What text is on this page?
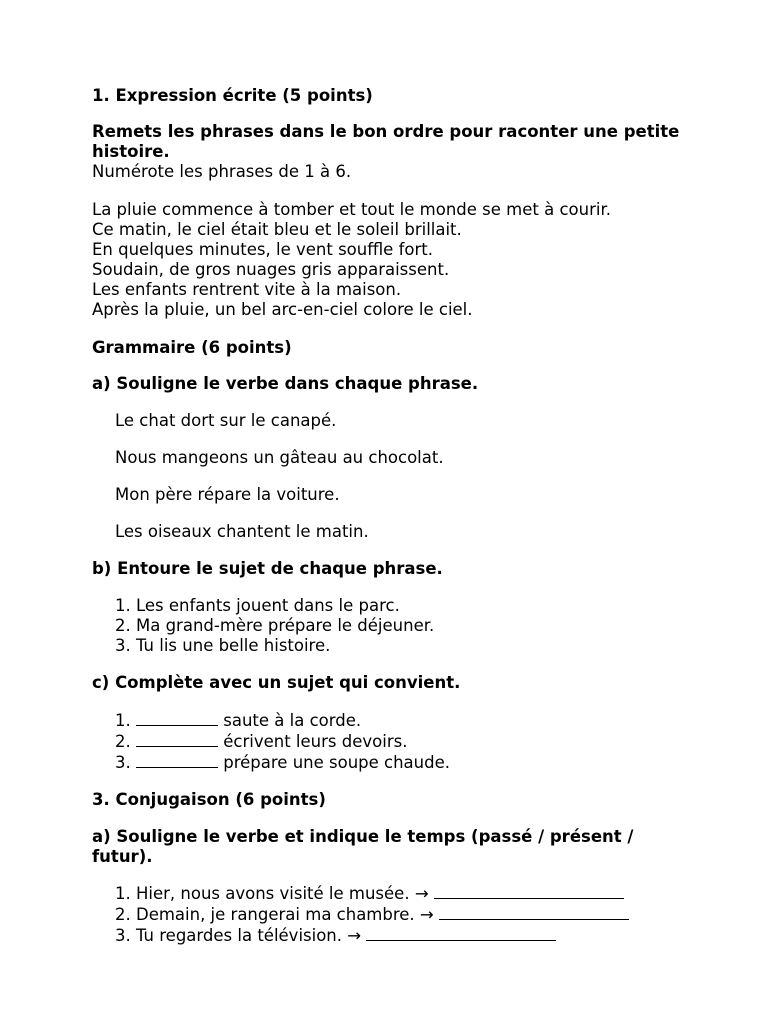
1. Expression écrite (5 points)
Remets les phrases dans le bon ordre pour raconter une petite histoire.
Numérote les phrases de 1 à 6.
La pluie commence à tomber et tout le monde se met à courir.
Ce matin, le ciel était bleu et le soleil brillait.
En quelques minutes, le vent souffle fort.
Soudain, de gros nuages gris apparaissent.
Les enfants rentrent vite à la maison.
Après la pluie, un bel arc-en-ciel colore le ciel.
Grammaire (6 points)
a) Souligne le verbe dans chaque phrase.
Le chat dort sur le canapé.
Nous mangeons un gâteau au chocolat.
Mon père répare la voiture.
Les oiseaux chantent le matin.
b) Entoure le sujet de chaque phrase.
1. Les enfants jouent dans le parc.
2. Ma grand-mère prépare le déjeuner.
3. Tu lis une belle histoire.
c) Complète avec un sujet qui convient.
1.	saute à la corde.
2.	écrivent leurs devoirs.
3.	prépare une soupe chaude.
3. Conjugaison (6 points)
a) Souligne le verbe et indique le temps (passé / présent / futur).
1. Hier, nous avons visité le musée. →
2. Demain, je rangerai ma chambre. →
3. Tu regardes la télévision. →
